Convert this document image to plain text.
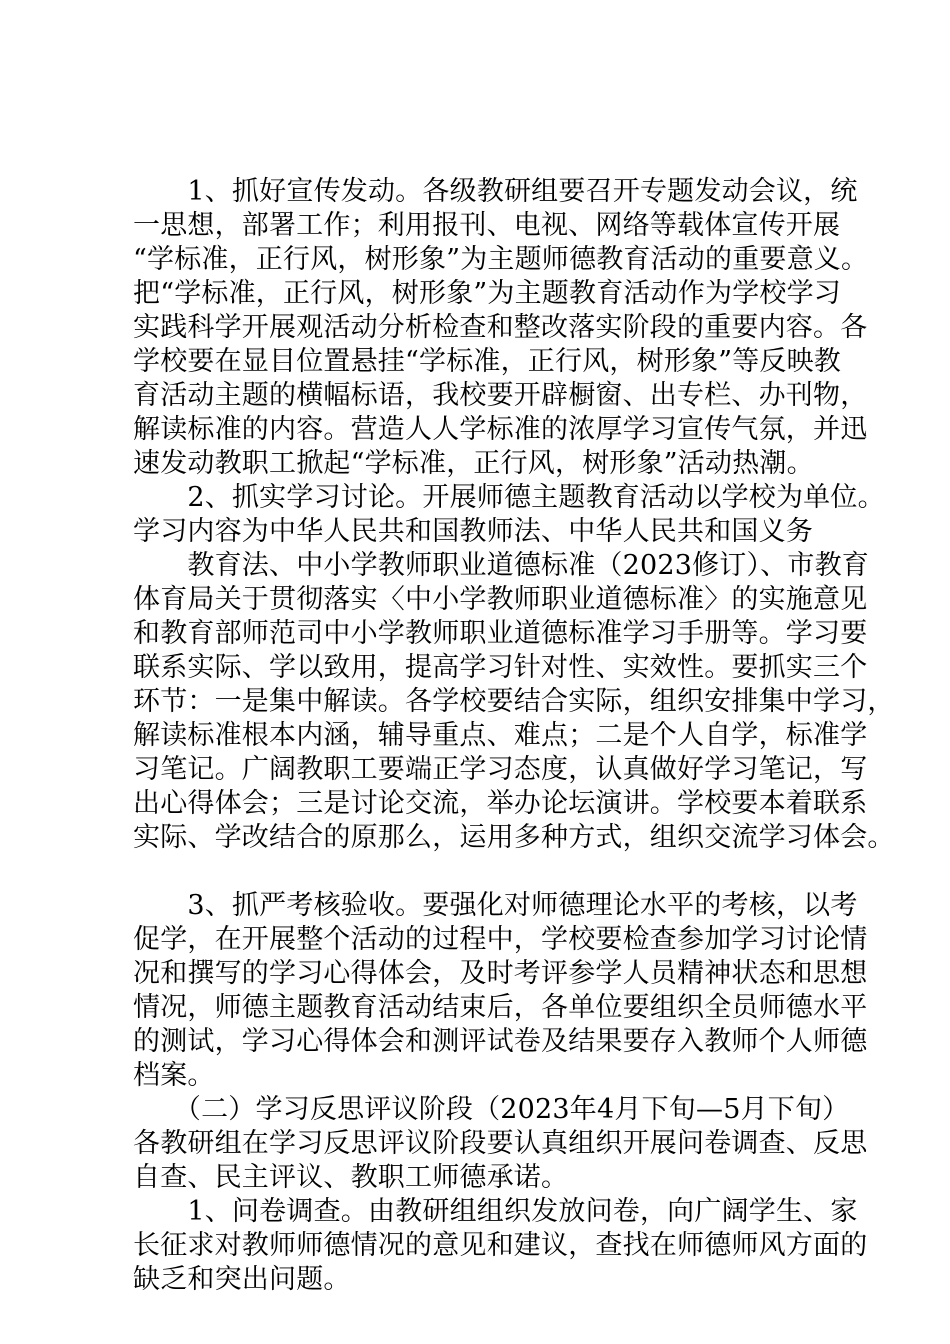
　　1、抓好宣传发动。各级教研组要召开专题发动会议，统
一思想，部署工作；利用报刊、电视、网络等载体宣传开展
“学标准，正行风，树形象”为主题师德教育活动的重要意义。
把“学标准，正行风，树形象”为主题教育活动作为学校学习
实践科学开展观活动分析检查和整改落实阶段的重要内容。各
学校要在显目位置悬挂“学标准，正行风，树形象”等反映教
育活动主题的横幅标语，我校要开辟橱窗、出专栏、办刊物，
解读标准的内容。营造人人学标准的浓厚学习宣传气氛，并迅
速发动教职工掀起“学标准，正行风，树形象”活动热潮。
　　2、抓实学习讨论。开展师德主题教育活动以学校为单位。
学习内容为中华人民共和国教师法、中华人民共和国义务
　　教育法、中小学教师职业道德标准（2023修订）、市教育
体育局关于贯彻落实〈中小学教师职业道德标准〉的实施意见
和教育部师范司中小学教师职业道德标准学习手册等。学习要
联系实际、学以致用，提高学习针对性、实效性。要抓实三个
环节：一是集中解读。各学校要结合实际，组织安排集中学习，
解读标准根本内涵，辅导重点、难点；二是个人自学，标准学
习笔记。广阔教职工要端正学习态度，认真做好学习笔记，写
出心得体会；三是讨论交流，举办论坛演讲。学校要本着联系
实际、学改结合的原那么，运用多种方式，组织交流学习体会。
　　3、抓严考核验收。要强化对师德理论水平的考核，以考
促学，在开展整个活动的过程中，学校要检查参加学习讨论情
况和撰写的学习心得体会，及时考评参学人员精神状态和思想
情况，师德主题教育活动结束后，各单位要组织全员师德水平
的测试，学习心得体会和测评试卷及结果要存入教师个人师德
档案。
　　（二）学习反思评议阶段（2023年4月下旬—5月下旬）
各教研组在学习反思评议阶段要认真组织开展问卷调查、反思
自查、民主评议、教职工师德承诺。
　　1、问卷调查。由教研组组织发放问卷，向广阔学生、家
长征求对教师师德情况的意见和建议，查找在师德师风方面的
缺乏和突出问题。
